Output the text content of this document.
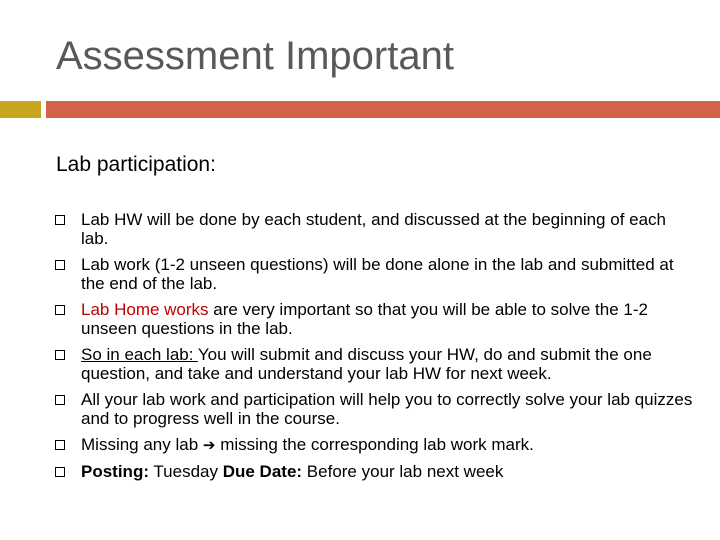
Assessment Important
Lab participation:
Lab HW will be done by each student, and discussed at the beginning of each lab.
Lab work (1-2 unseen questions) will be done alone in the lab and submitted at the end of the lab.
Lab Home works are very important so that you will be able to solve the 1-2 unseen questions in the lab.
So in each lab: You will submit and discuss your HW, do and submit the one question, and take and understand your lab HW for next week.
All your lab work and participation will help you to correctly solve your lab quizzes and to progress well in the course.
Missing any lab ➔ missing the corresponding lab work mark.
Posting: Tuesday Due Date: Before your lab next week
